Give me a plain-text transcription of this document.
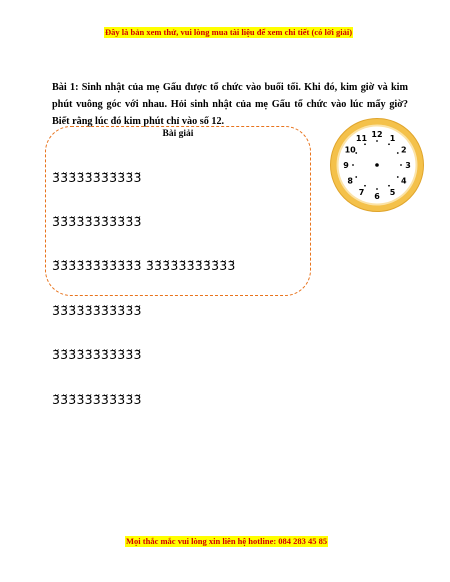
Đây là bản xem thử, vui lòng mua tài liệu để xem chi tiết (có lời giải)
Bài 1: Sinh nhật của mẹ Gấu được tổ chức vào buổi tối. Khi đó, kim giờ và kim phút vuông góc với nhau. Hỏi sinh nhật của mẹ Gấu tổ chức vào lúc mấy giờ? Biết rằng lúc đó kim phút chỉ vào số 12.
Bài giải

3̆3̆3̆3̆3̆3̆3̆3̆3̆3̆3̆

3̆3̆3̆3̆3̆3̆3̆3̆3̆3̆3̆

3̆3̆3̆3̆3̆3̆3̆3̆3̆3̆3̆ 3̆3̆3̆3̆3̆3̆3̆3̆3̆3̆3̆

3̆3̆3̆3̆3̆3̆3̆3̆3̆3̆3̆

3̆3̆3̆3̆3̆3̆3̆3̆3̆3̆3̆

3̆3̆3̆3̆3̆3̆3̆3̆3̆3̆3̆

12 1
2
3
4
5
6
7
8
9
10
11
Mọi thắc mắc vui lòng xin liên hệ hotline: 084 283 45 85
